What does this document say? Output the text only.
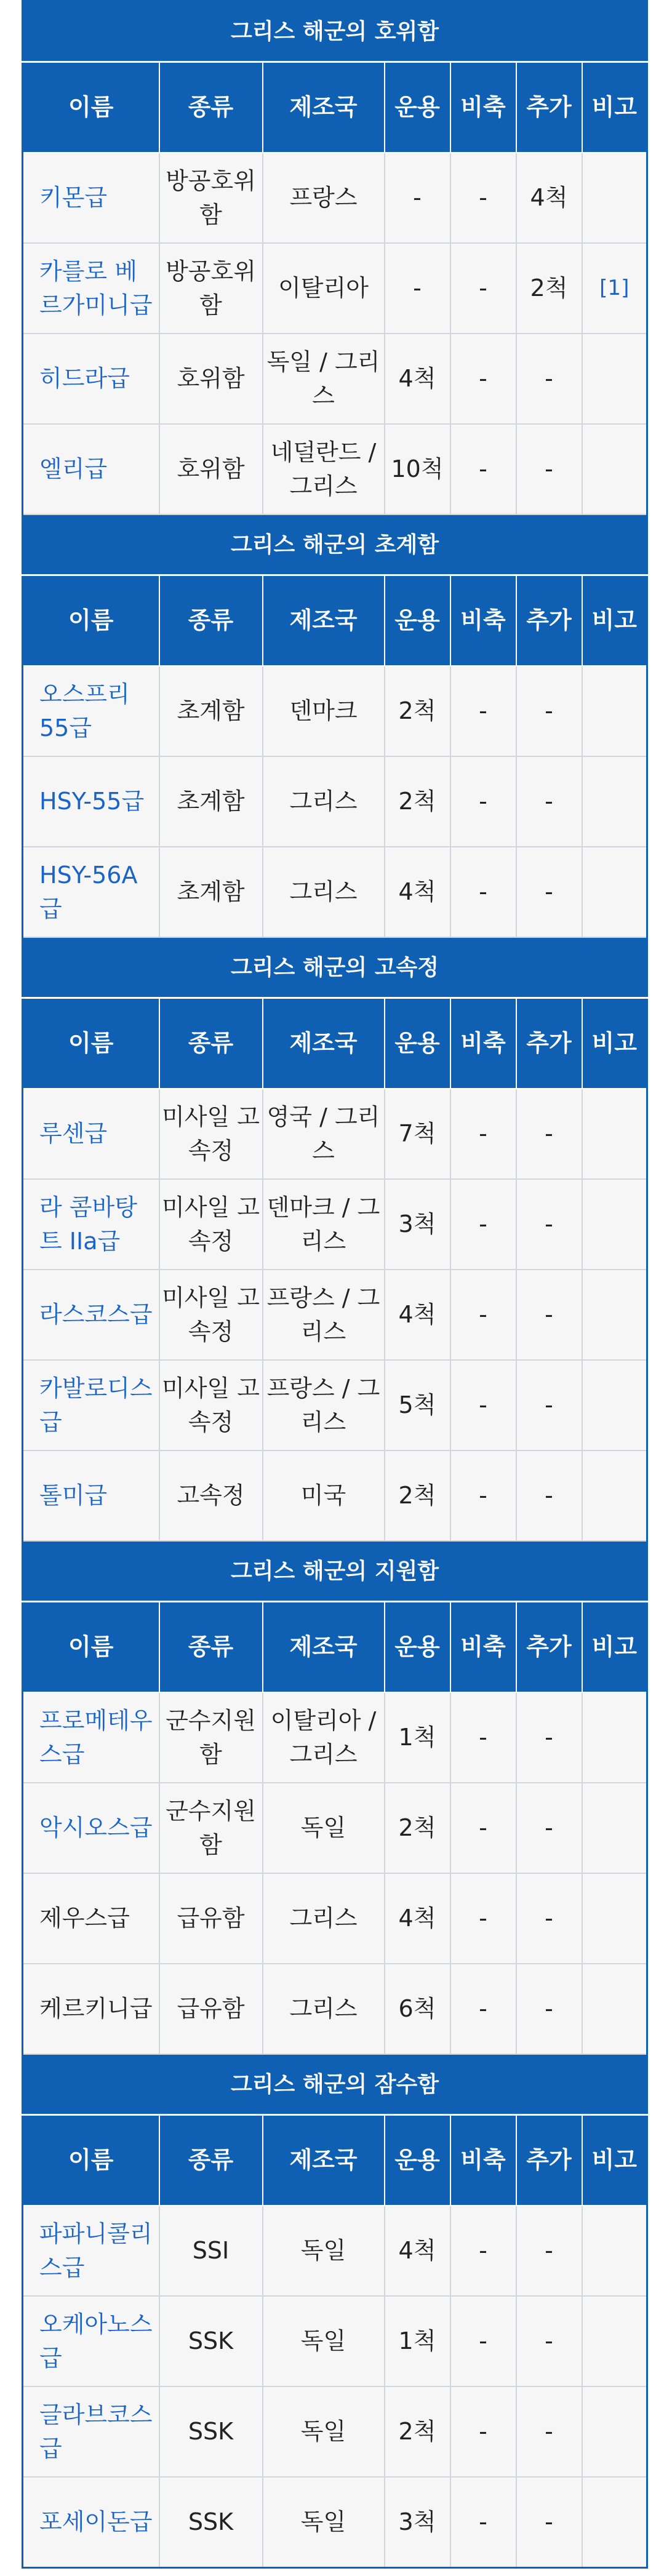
그리스 해군의 호위함						
이름	종류	제조국	운용	비축	추가	비고
키몬급	방공호위함	프랑스	-	-	4척	
카를로 베르가미니급	방공호위함	이탈리아	-	-	2척	[1]
히드라급	호위함	독일 / 그리스	4척	-	-	
엘리급	호위함	네덜란드 / 그리스	10척	-	-	
그리스 해군의 초계함						
이름	종류	제조국	운용	비축	추가	비고
오스프리 55급	초계함	덴마크	2척	-	-	
HSY-55급	초계함	그리스	2척	-	-	
HSY-56A급	초계함	그리스	4척	-	-	
그리스 해군의 고속정						
이름	종류	제조국	운용	비축	추가	비고
루센급	미사일 고속정	영국 / 그리스	7척	-	-	
라 콤바탕트 IIa급	미사일 고속정	덴마크 / 그리스	3척	-	-	
라스코스급	미사일 고속정	프랑스 / 그리스	4척	-	-	
카발로디스급	미사일 고속정	프랑스 / 그리스	5척	-	-	
톨미급	고속정	미국	2척	-	-	
그리스 해군의 지원함						
이름	종류	제조국	운용	비축	추가	비고
프로메테우스급	군수지원함	이탈리아 / 그리스	1척	-	-	
악시오스급	군수지원함	독일	2척	-	-	
제우스급	급유함	그리스	4척	-	-	
케르키니급	급유함	그리스	6척	-	-	
그리스 해군의 잠수함						
이름	종류	제조국	운용	비축	추가	비고
파파니콜리스급	SSI	독일	4척	-	-	
오케아노스급	SSK	독일	1척	-	-	
글라브코스급	SSK	독일	2척	-	-	
포세이돈급	SSK	독일	3척	-	-	
